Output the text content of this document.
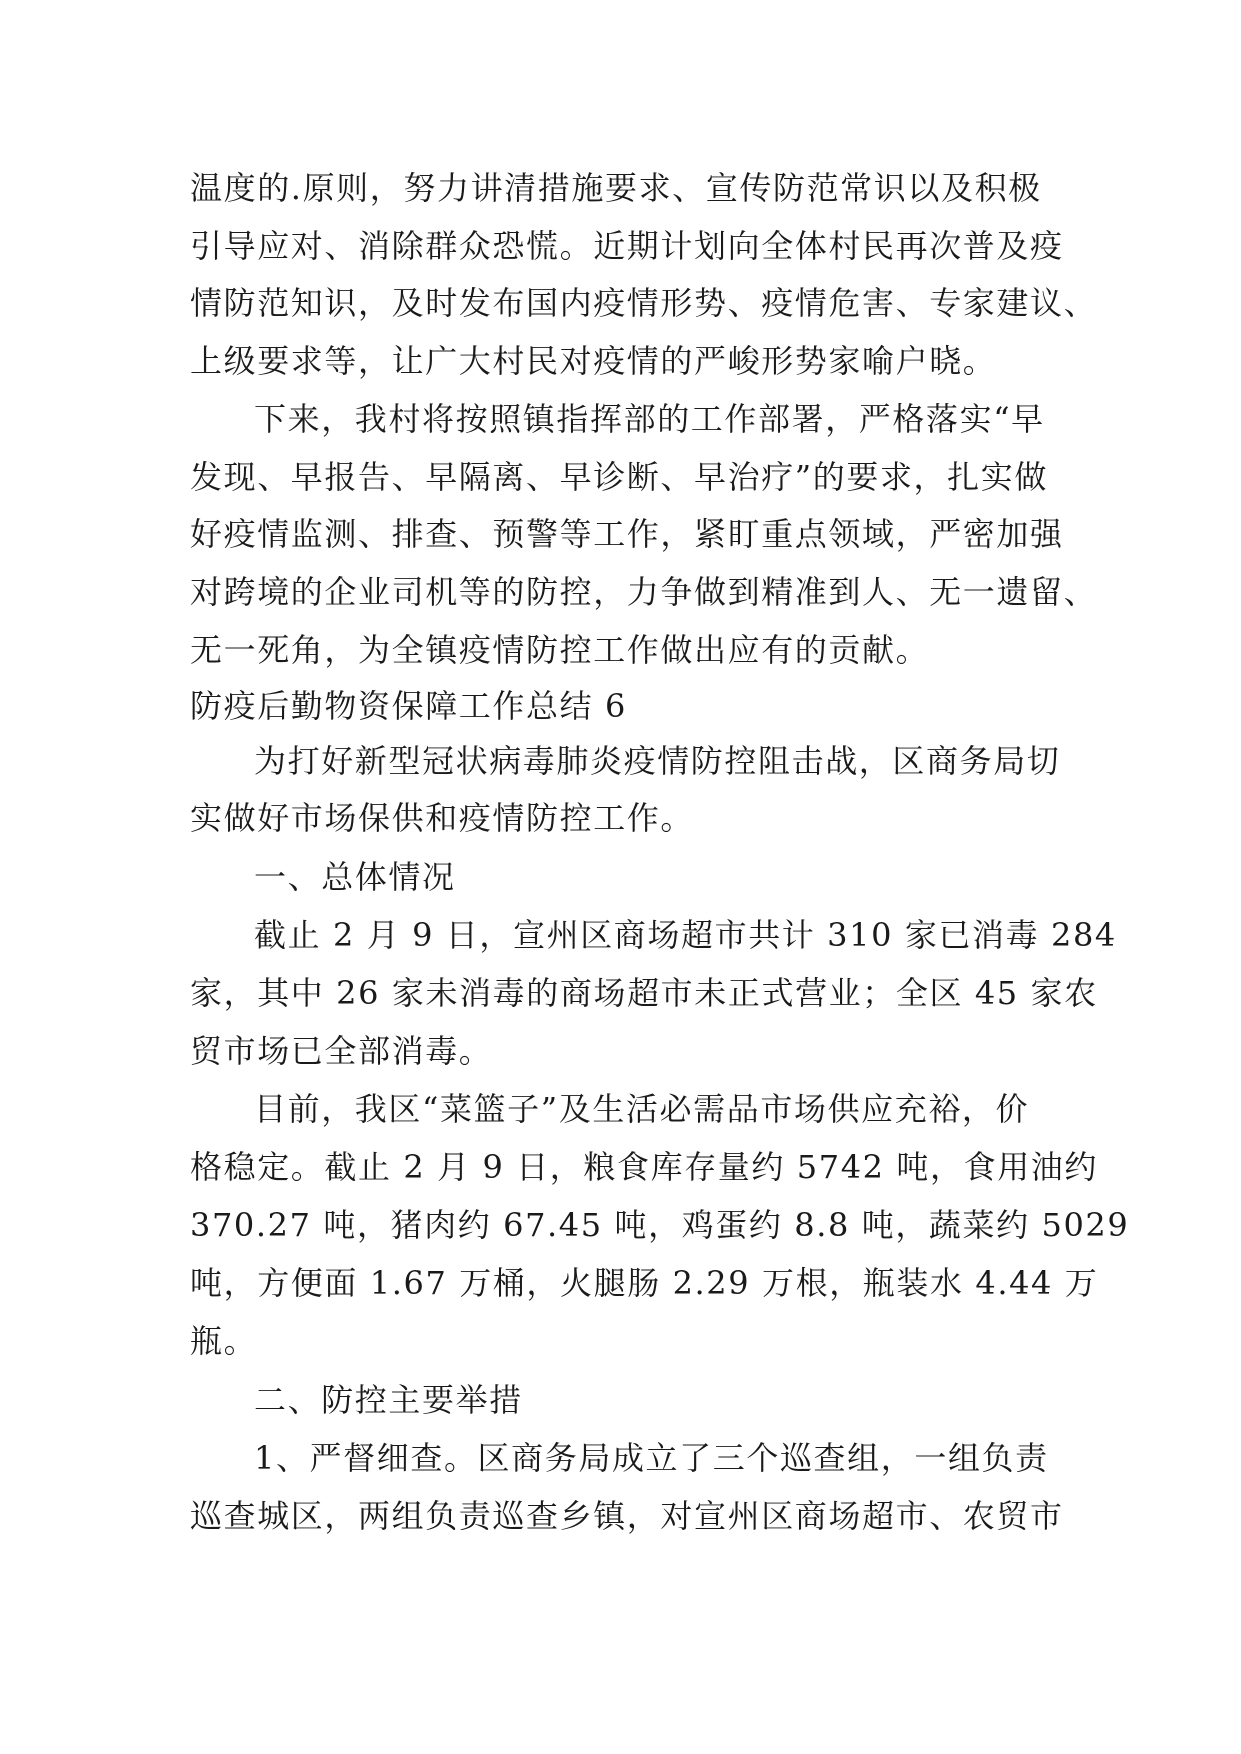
温度的.原则，努力讲清措施要求、宣传防范常识以及积极
引导应对、消除群众恐慌。近期计划向全体村民再次普及疫
情防范知识，及时发布国内疫情形势、疫情危害、专家建议、
上级要求等，让广大村民对疫情的严峻形势家喻户晓。
下来，我村将按照镇指挥部的工作部署，严格落实“早
发现、早报告、早隔离、早诊断、早治疗”的要求，扎实做
好疫情监测、排查、预警等工作，紧盯重点领域，严密加强
对跨境的企业司机等的防控，力争做到精准到人、无一遗留、
无一死角，为全镇疫情防控工作做出应有的贡献。
防疫后勤物资保障工作总结 6
为打好新型冠状病毒肺炎疫情防控阻击战，区商务局切
实做好市场保供和疫情防控工作。
一、总体情况
截止 2 月 9 日，宣州区商场超市共计 310 家已消毒 284
家，其中 26 家未消毒的商场超市未正式营业；全区 45 家农
贸市场已全部消毒。
目前，我区“菜篮子”及生活必需品市场供应充裕，价
格稳定。截止 2 月 9 日，粮食库存量约 5742 吨，食用油约
370.27 吨，猪肉约 67.45 吨，鸡蛋约 8.8 吨，蔬菜约 5029
吨，方便面 1.67 万桶，火腿肠 2.29 万根，瓶装水 4.44 万
瓶。
二、防控主要举措
1、严督细查。区商务局成立了三个巡查组，一组负责
巡查城区，两组负责巡查乡镇，对宣州区商场超市、农贸市
